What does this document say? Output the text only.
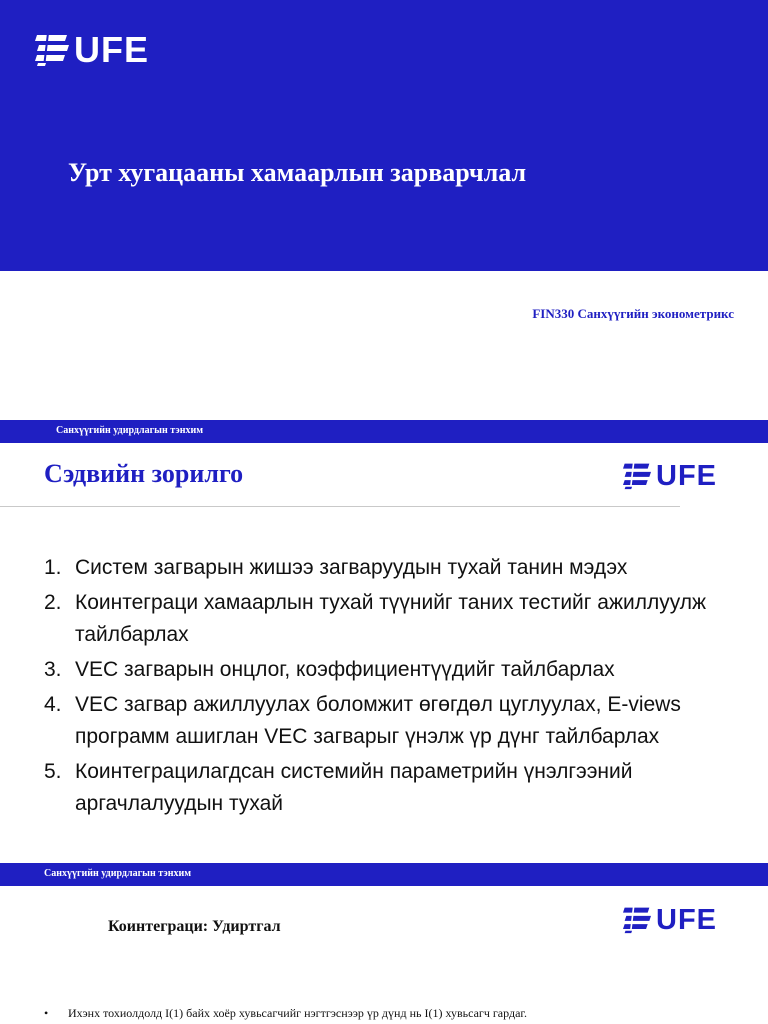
UFE
Урт хугацааны хамаарлын зарварчлал
FIN330 Санхүүгийн эконометрикс
Санхүүгийн удирдлагын тэнхим
Сэдвийн зорилго	UFE
1. Систем загварын жишээ загваруудын тухай танин мэдэх
2. Коинтеграци хамаарлын тухай түүнийг таних тестийг ажиллуулж тайлбарлах
3. VEC загварын онцлог, коэффициентүүдийг тайлбарлах
4. VEC загвар ажиллуулах боломжит өгөгдөл цуглуулах, E-views программ ашиглан VEC загварыг үнэлж үр дүнг тайлбарлах
5. Коинтеграцилагдсан системийн параметрийн үнэлгээний аргачлалуудын тухай
Санхүүгийн удирдлагын тэнхим
Коинтеграци: Удиртгал	UFE
•	Ихэнх тохиолдолд I(1) байх хоёр хувьсагчийг нэгтгэснээр үр дүнд нь I(1) хувьсагч гардаг.
